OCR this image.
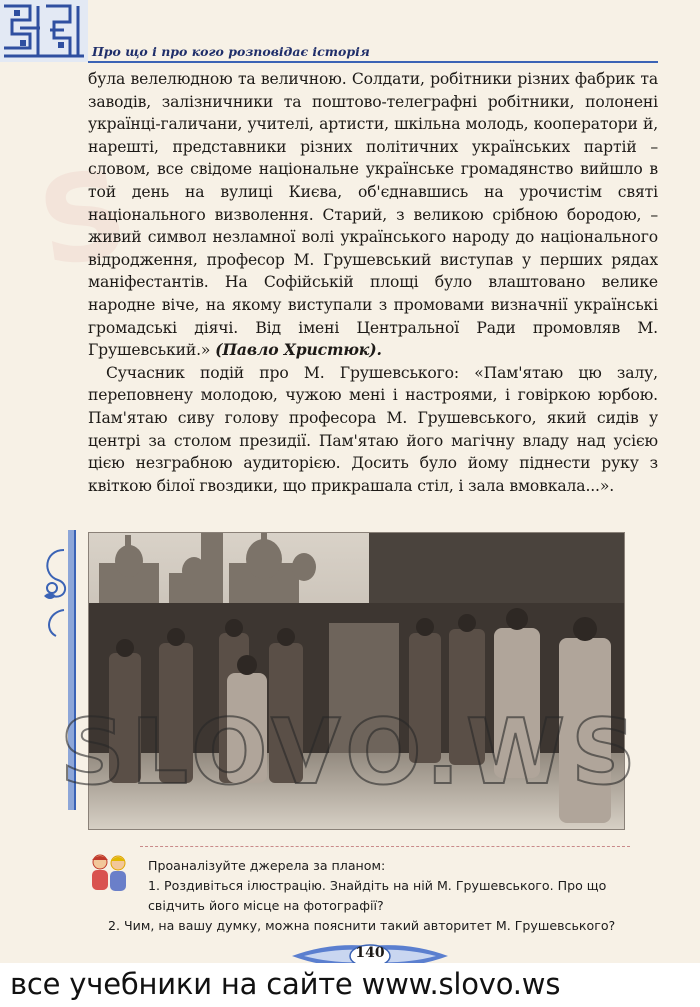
Про що і про кого розповідає історія
S

була велелюдною та величною. Солдати, робітники різних фабрик та заводів, залізничники та поштово-телеграфні робітники, полонені українці-галичани, учителі, артисти, шкільна молодь, кооператори й, нарешті, представники різних політичних українських партій – словом, все свідоме національне українське громадянство вийшло в той день на вулиці Києва, об'єднавшись на урочистім святі національного визволення. Старий, з великою срібною бородою, – живий символ незламної волі українського народу до національного відродження, професор М. Грушевський виступав у перших рядах маніфестантів. На Софійській площі було влаштовано велике народне віче, на якому виступали з промовами визначнії українські громадські діячі. Від імені Центральної Ради промовляв М. Грушевський.» (Павло Христюк).

Сучасник подій про М. Грушевського: «Пам'ятаю цю залу, переповнену молодою, чужою мені і настроями, і говіркою юрбою. Пам'ятаю сиву голову професора М. Грушевського, який сидів у центрі за столом президії. Пам'ятаю його магічну владу над усією цією незграбною аудиторією. Досить було йому піднести руку з квіткою білої гвоздики, що прикрашала стіл, і зала вмовкала...».

Проаналізуйте джерела за планом:
1. Роздивіться ілюстрацію. Знайдіть на ній М. Грушевського. Про що свідчить його місце на фотографії?
2. Чим, на вашу думку, можна пояснити такий авторитет М. Грушевського?
140
все учебники на сайте www.slovo.ws
